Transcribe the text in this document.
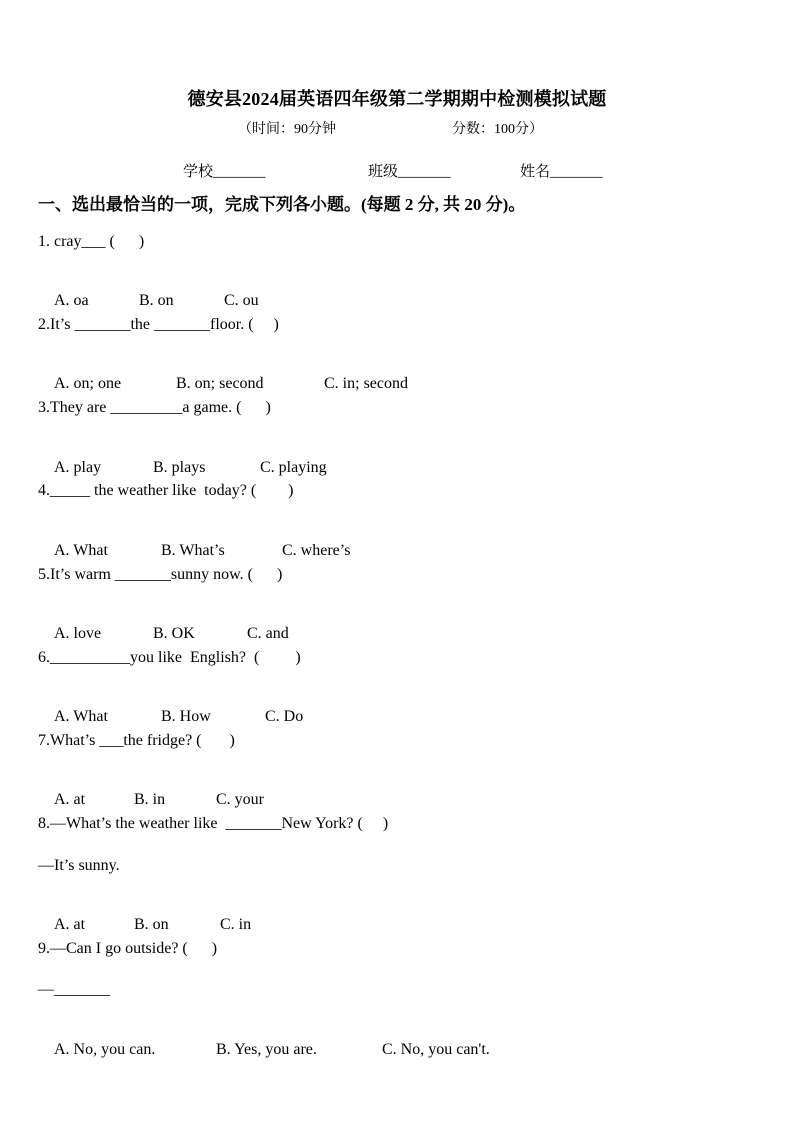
德安县2024届英语四年级第二学期期中检测模拟试题
（时间：90分钟	分数：100分）
学校_______	班级_______	姓名_______
一、选出最恰当的一项，完成下列各小题。(每题 2 分, 共 20 分)。
1. cray___ (      )

A. oa	B. on	C. ou

2.It’s _______the _______floor. (     )

A. on; one	B. on; second	C. in; second

3.They are _________a game. (      )

A. play	B. plays	C. playing

4._____ the weather like  today? (        )

A. What	B. What’s	C. where’s

5.It’s warm _______sunny now. (      )

A. love	B. OK	C. and

6.__________you like  English?  (         )

A. What	B. How	C. Do

7.What’s ___the fridge? (       )

A. at	B. in	C. your

8.—What’s the weather like  _______New York? (     )
—It’s sunny.

A. at	B. on	C. in

9.—Can I go outside? (      )
—_______

A. No, you can.	B. Yes, you are.	C. No, you can't.
